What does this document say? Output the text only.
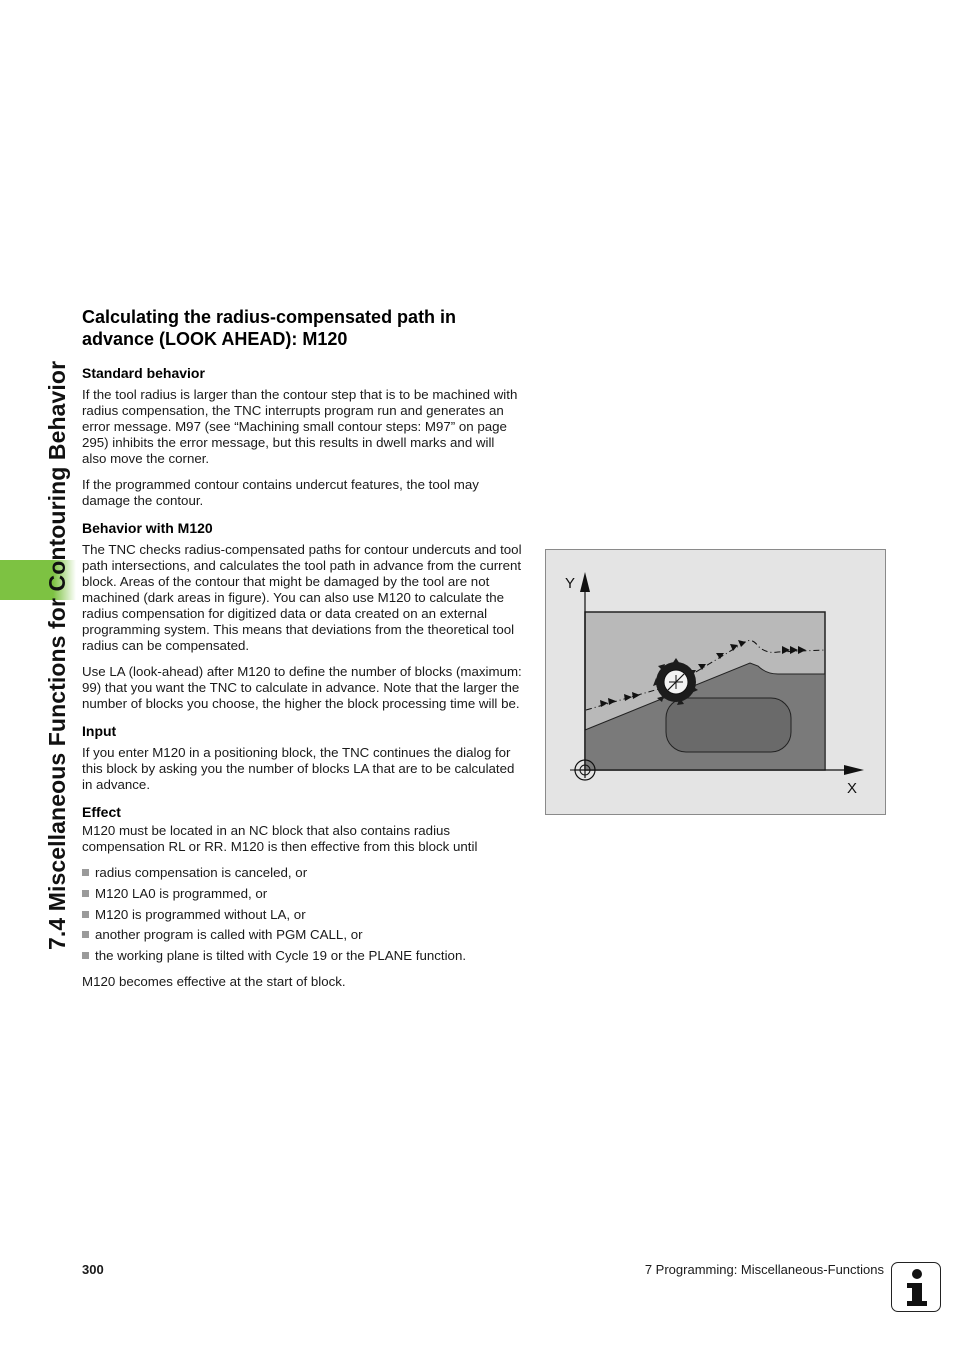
7.4 Miscellaneous Functions for Contouring Behavior
Calculating the radius-compensated path in advance (LOOK AHEAD): M120
Standard behavior

If the tool radius is larger than the contour step that is to be machined with radius compensation, the TNC interrupts program run and generates an error message. M97 (see “Machining small contour steps: M97” on page 295) inhibits the error message, but this results in dwell marks and will also move the corner.

If the programmed contour contains undercut features, the tool may damage the contour.

Behavior with M120

The TNC checks radius-compensated paths for contour undercuts and tool path intersections, and calculates the tool path in advance from the current block. Areas of the contour that might be damaged by the tool are not machined (dark areas in figure). You can also use M120 to calculate the radius compensation for digitized data or data created on an external programming system. This means that deviations from the theoretical tool radius can be compensated.

Use LA (look-ahead) after M120 to define the number of blocks (maximum: 99) that you want the TNC to calculate in advance. Note that the larger the number of blocks you choose, the higher the block processing time will be.

Input

If you enter M120 in a positioning block, the TNC continues the dialog for this block by asking you the number of blocks LA that are to be calculated in advance.

Effect

M120 must be located in an NC block that also contains radius compensation RL or RR. M120 is then effective from this block until

radius compensation is canceled, or
M120 LA0 is programmed, or
M120 is programmed without LA, or
another program is called with PGM CALL, or
the working plane is tilted with Cycle 19 or the PLANE function.

M120 becomes effective at the start of block.

Y
X
300	7 Programming: Miscellaneous-Functions
